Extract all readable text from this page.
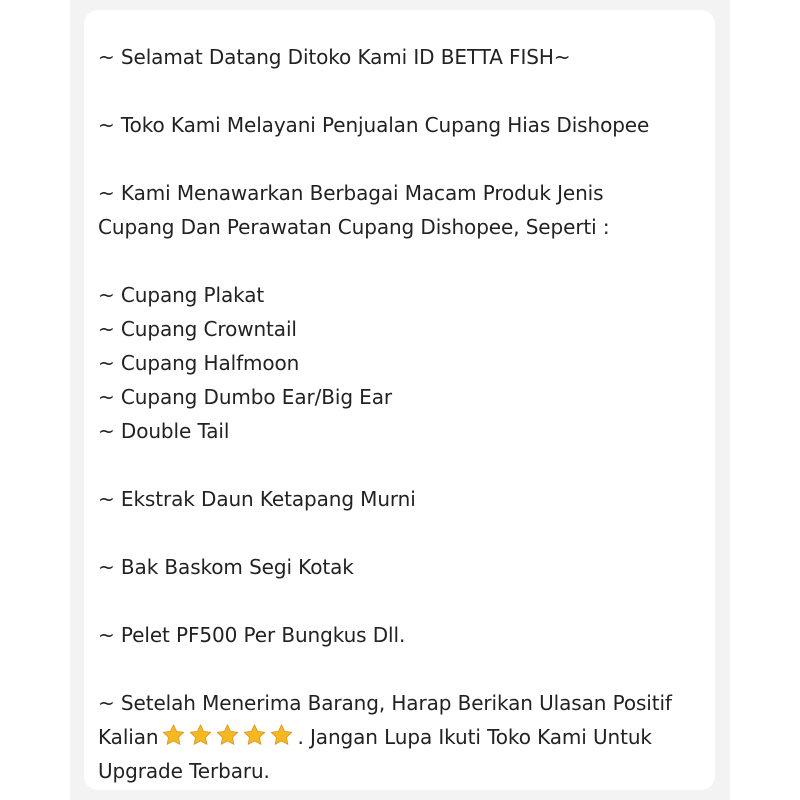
~ Selamat Datang Ditoko Kami ID BETTA FISH~
~ Toko Kami Melayani Penjualan Cupang Hias Dishopee
~ Kami Menawarkan Berbagai Macam Produk Jenis
Cupang Dan Perawatan Cupang Dishopee, Seperti :
~ Cupang Plakat
~ Cupang Crowntail
~ Cupang Halfmoon
~ Cupang Dumbo Ear/Big Ear
~ Double Tail
~ Ekstrak Daun Ketapang Murni
~ Bak Baskom Segi Kotak
~ Pelet PF500 Per Bungkus Dll.
~ Setelah Menerima Barang, Harap Berikan Ulasan Positif
Kalian	. Jangan Lupa Ikuti Toko Kami Untuk
Upgrade Terbaru.
